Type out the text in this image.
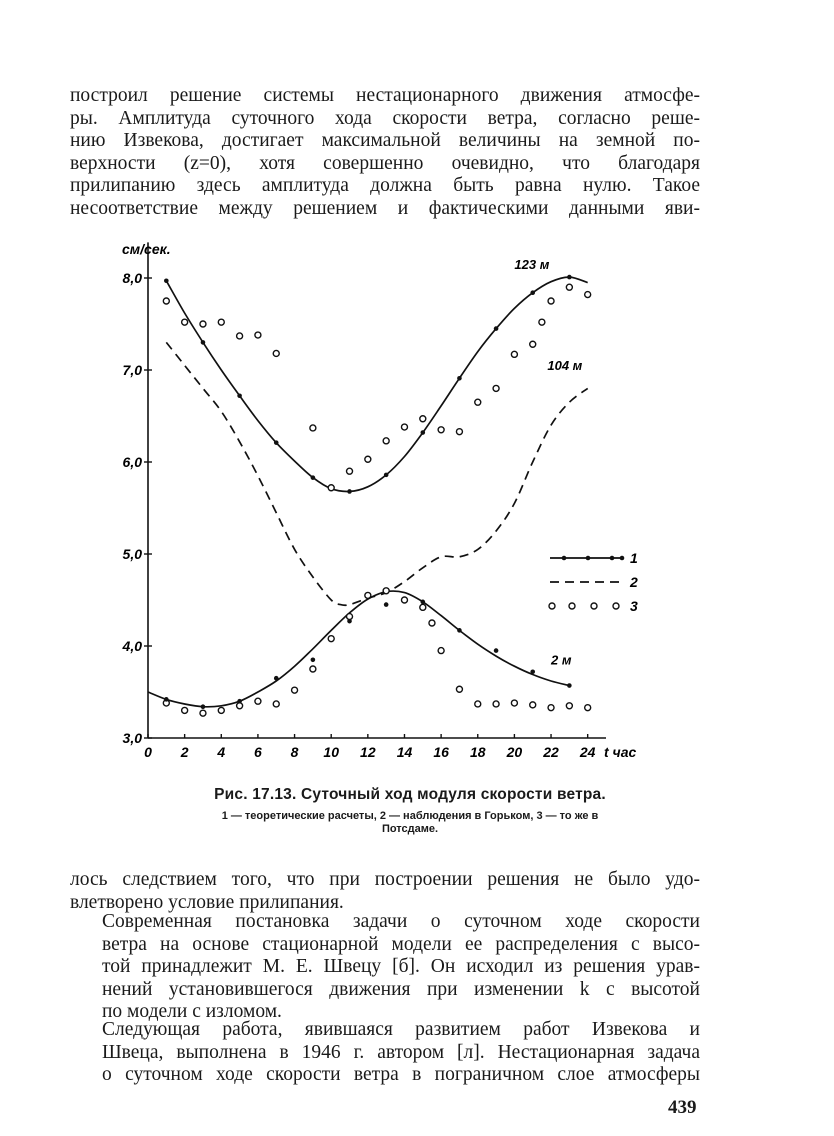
построил решение системы нестационарного движения атмосфе-
ры. Амплитуда суточного хода скорости ветра, согласно реше-
нию Извекова, достигает максимальной величины на земной по-
верхности (z=0), хотя совершенно очевидно, что благодаря
прилипанию здесь амплитуда должна быть равна нулю. Такое
несоответствие между решением и фактическими данными яви-

3,0
4,0
5,0
6,0
7,0
8,0
0 2 4 6 8 10 12 14 16 18 20 22 24
см/сек.
t час
123 м
104 м
2 м
1
2
3
Рис. 17.13. Суточный ход модуля скорости ветра.
1 — теоретические расчеты, 2 — наблюдения в Горьком, 3 — то же в
Потсдаме.

лось следствием того, что при построении решения не было удо-
влетворено условие прилипания.

Современная постановка задачи о суточном ходе скорости
ветра на основе стационарной модели ее распределения с высо-
той принадлежит М. Е. Швецу [б]. Он исходил из решения урав-
нений установившегося движения при изменении k с высотой
по модели с изломом.

Следующая работа, явившаяся развитием работ Извекова и
Швеца, выполнена в 1946 г. автором [л]. Нестационарная задача
о суточном ходе скорости ветра в пограничном слое атмосферы

439
